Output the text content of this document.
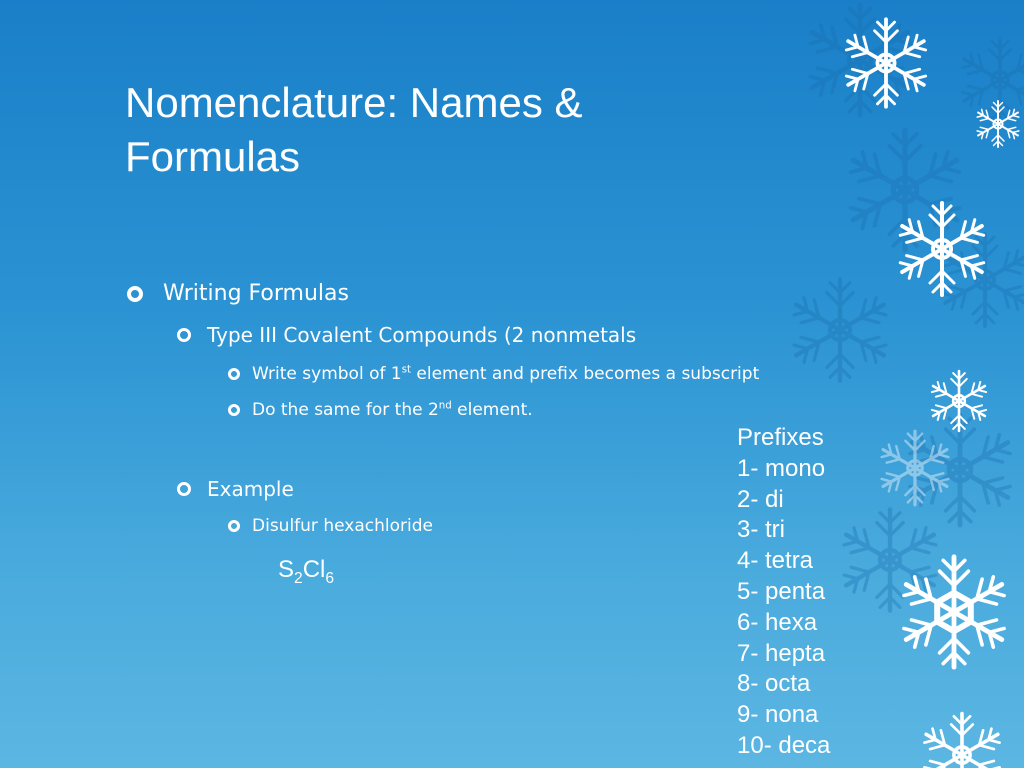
Nomenclature: Names & Formulas
Writing Formulas
Type III Covalent Compounds (2 nonmetals
Write symbol of 1st element and prefix becomes a subscript
Do the same for the 2nd element.
Example
Disulfur hexachloride
$S_2Cl_6$
Prefixes
1- mono
2- di
3- tri
4- tetra
5- penta
6- hexa
7- hepta
8- octa
9- nona
10- deca
